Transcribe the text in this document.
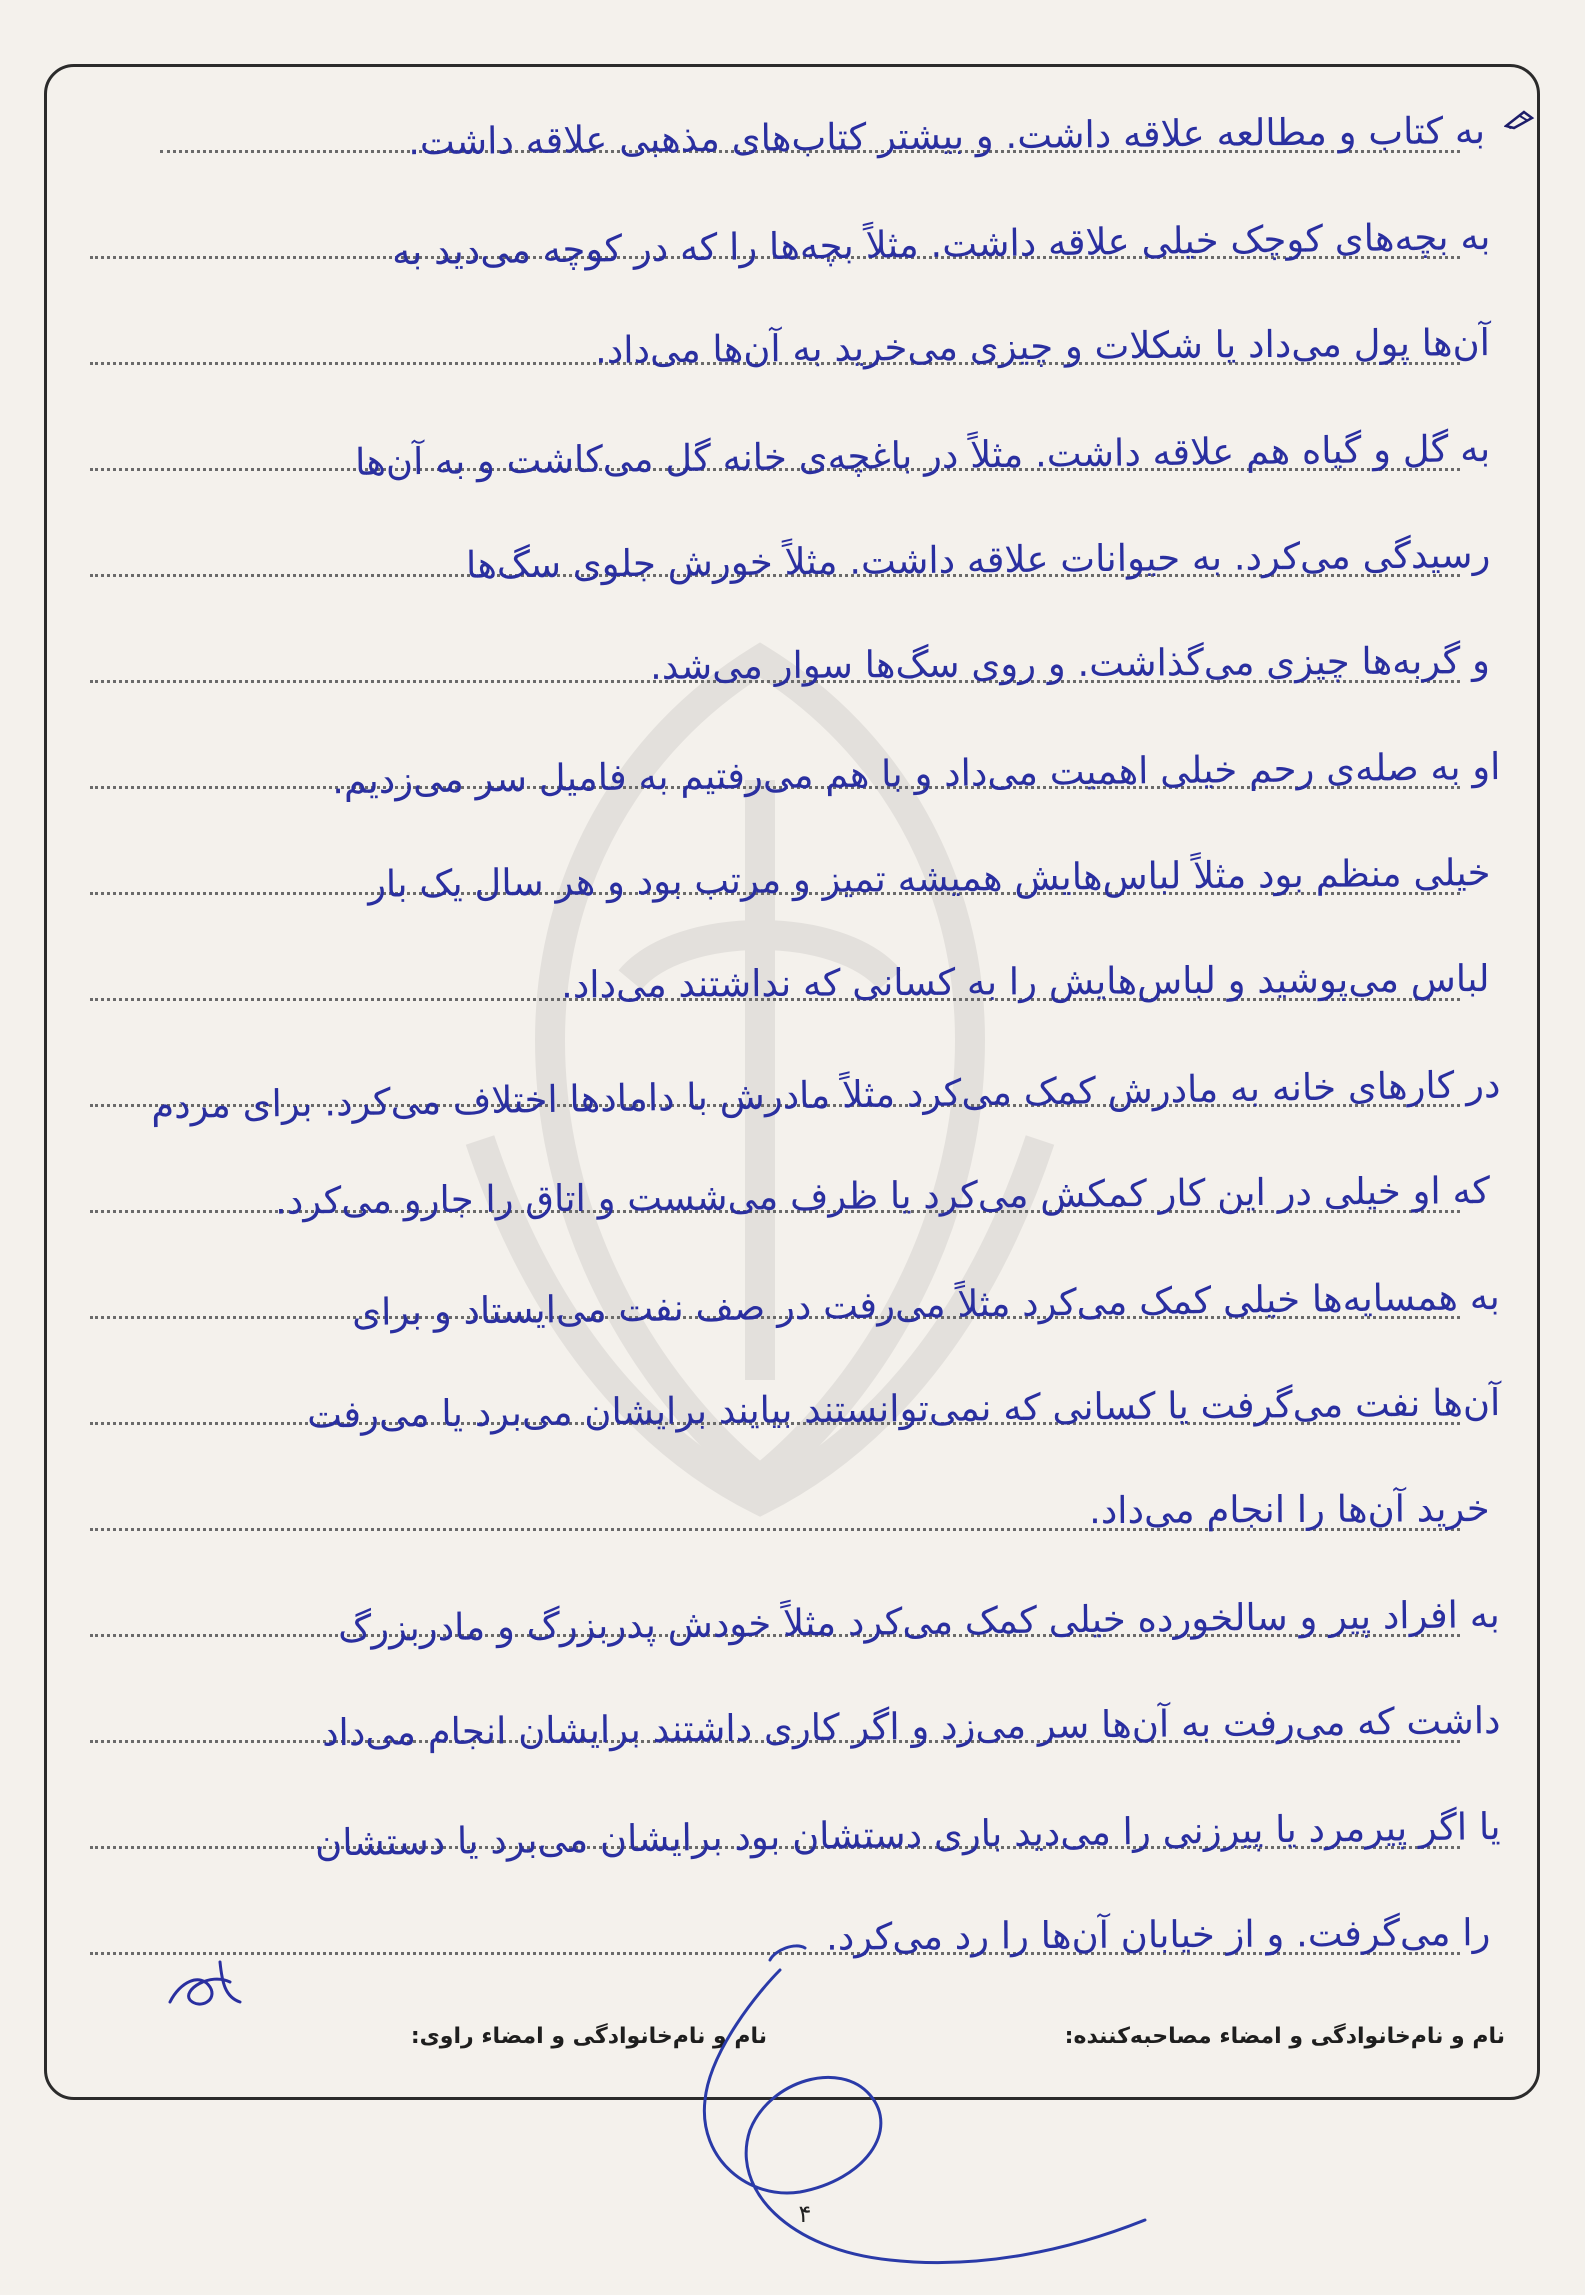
به کتاب و مطالعه علاقه داشت. و بیشتر کتاب‌های مذهبی علاقه داشت.
به بچه‌های کوچک خیلی علاقه داشت. مثلاً بچه‌ها را که در کوچه می‌دید به
آن‌ها پول می‌داد یا شکلات و چیزی می‌خرید به آن‌ها می‌داد.
به گل و گیاه هم علاقه داشت. مثلاً در باغچه‌ی خانه گل می‌کاشت و به آن‌ها
رسیدگی می‌کرد. به حیوانات علاقه داشت. مثلاً خورش جلوی سگ‌ها
و گربه‌ها چیزی می‌گذاشت. و روی سگ‌ها سوار می‌شد.
او به صله‌ی رحم خیلی اهمیت می‌داد و با هم می‌رفتیم به فامیل سر می‌زدیم.
خیلی منظم بود مثلاً لباس‌هایش همیشه تمیز و مرتب بود و هر سال یک بار
لباس می‌پوشید و لباس‌هایش را به کسانی که نداشتند می‌داد.
در کارهای خانه به مادرش کمک می‌کرد مثلاً مادرش با دامادها اختلاف می‌کرد. برای مردم
که او خیلی در این کار کمکش می‌کرد یا ظرف می‌شست و اتاق را جارو می‌کرد.
به همسایه‌ها خیلی کمک می‌کرد مثلاً می‌رفت در صف نفت می‌ایستاد و برای
آن‌ها نفت می‌گرفت یا کسانی که نمی‌توانستند بیایند برایشان می‌برد یا می‌رفت
خرید آن‌ها را انجام می‌داد.
به افراد پیر و سالخورده خیلی کمک می‌کرد مثلاً خودش پدربزرگ و مادربزرگ
داشت که می‌رفت به آن‌ها سر می‌زد و اگر کاری داشتند برایشان انجام می‌داد
یا اگر پیرمرد یا پیرزنی را می‌دید باری دستشان بود برایشان می‌برد یا دستشان
را می‌گرفت. و از خیابان آن‌ها را رد می‌کرد.
نام و نام‌خانوادگی و امضاء مصاحبه‌کننده:
نام و نام‌خانوادگی و امضاء راوی:
۴
